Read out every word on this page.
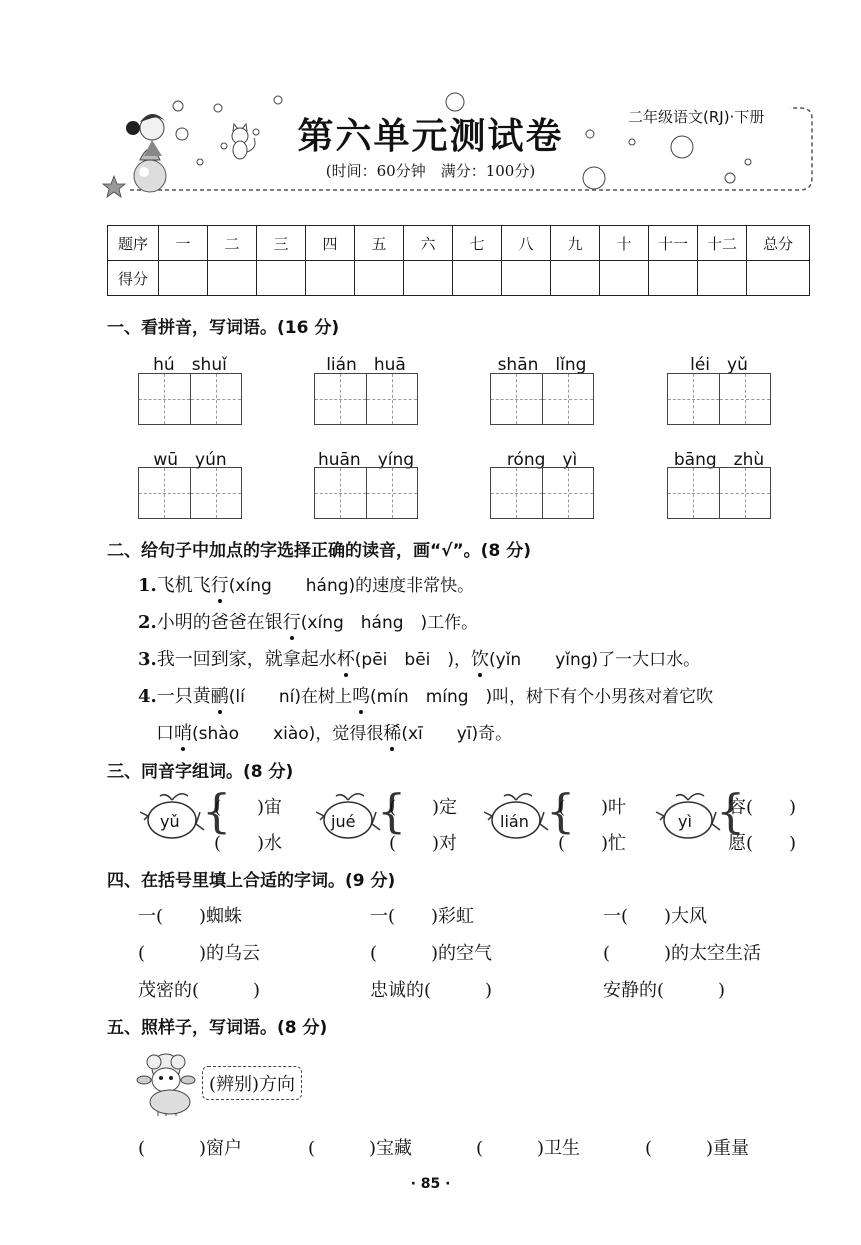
第六单元测试卷
(时间：60分钟　满分：100分)
二年级语文(RJ)·下册
题序	一	二	三	四	五	六	七	八	九	十	十一	十二	总分
得分													
一、看拼音，写词语。(16 分)
hú　shuǐ	lián　huā	shān　lǐng	léi　yǔ
wū　yún	huān　yíng	róng　yì	bāng　zhù
二、给句子中加点的字选择正确的读音，画“√”。(8 分)
1.飞机飞行(xíng　　háng)的速度非常快。
2.小明的爸爸在银行(xíng　háng　)工作。
3.我一回到家，就拿起水杯(pēi　bēi　)，饮(yǐn　　yǐng)了一大口水。
4.一只黄鹂(lí　　ní)在树上鸣(mín　míng　)叫，树下有个小男孩对着它吹
口哨(shào　　xiào)，觉得很稀(xī　　yī)奇。
三、同音字组词。(8 分)
yǔ {
(　　)宙
(　　)水
jué {
(　　)定
(　　)对
lián {
(　　)叶
(　　)忙
yì {
容(　　)
愿(　　)
四、在括号里填上合适的字词。(9 分)
一(　　)蜘蛛	一(　　)彩虹	一(　　)大风
(　　　)的乌云	(　　　)的空气	(　　　)的太空生活
茂密的(　　　)	忠诚的(　　　)	安静的(　　　)
五、照样子，写词语。(8 分)
(辨别)方向
(　　　)窗户	(　　　)宝藏	(　　　)卫生	(　　　)重量
· 85 ·
